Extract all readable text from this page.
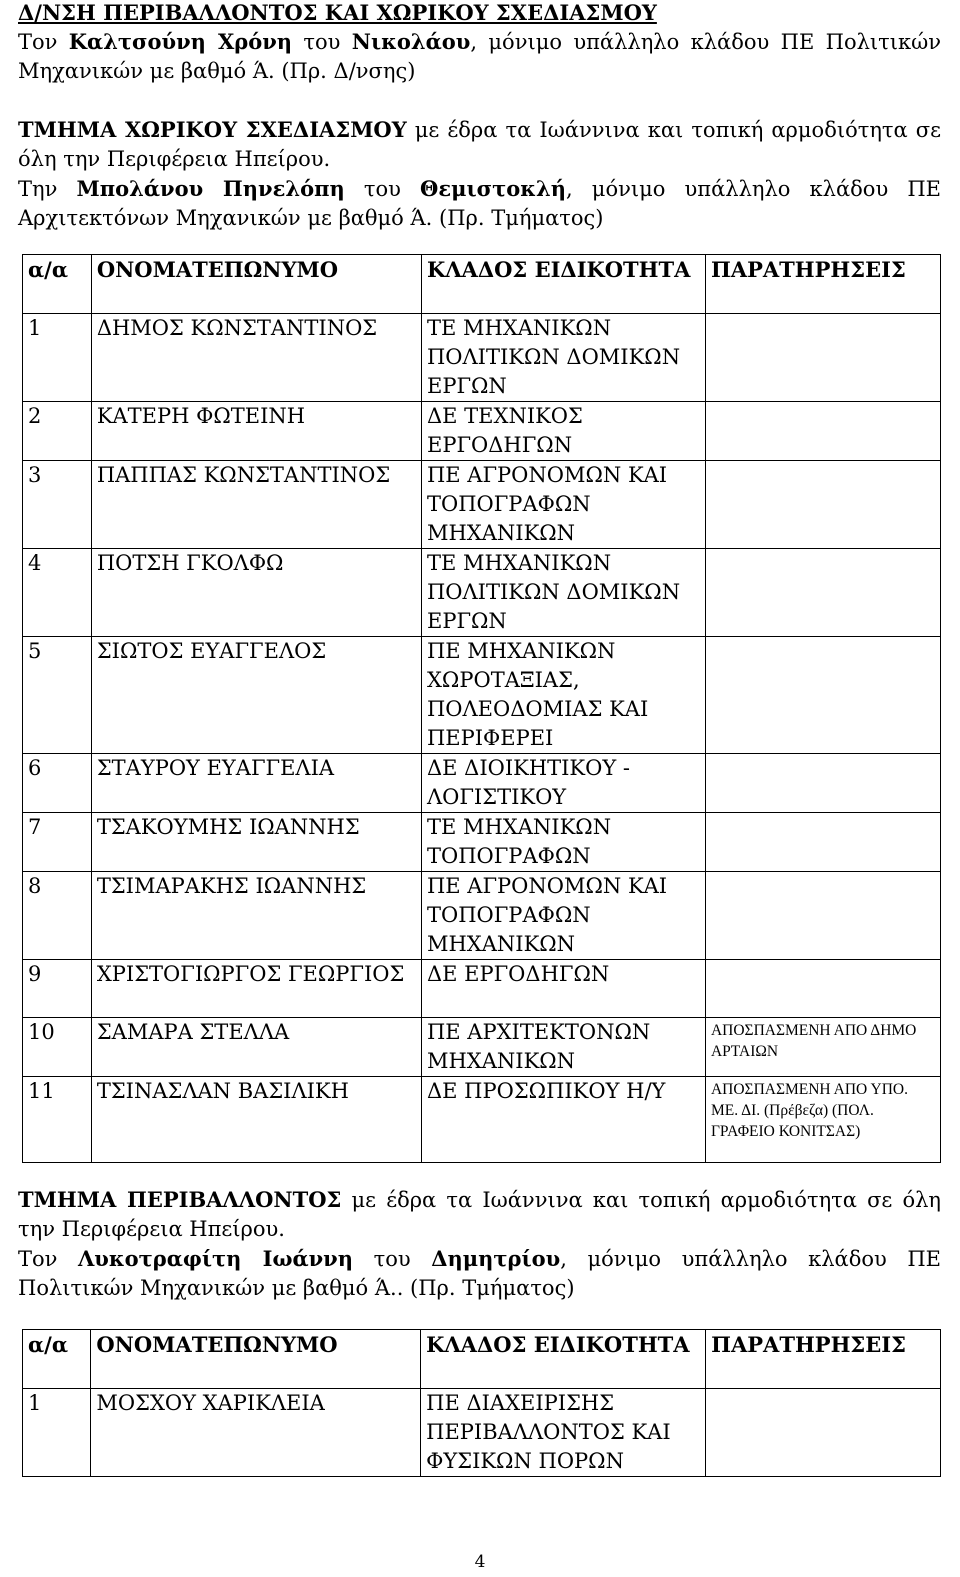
Δ/ΝΣΗ ΠΕΡΙΒΑΛΛΟΝΤΟΣ ΚΑΙ ΧΩΡΙΚΟΥ ΣΧΕΔΙΑΣΜΟΥ

Τον Καλτσούνη Χρόνη του Νικολάου, μόνιμο υπάλληλο κλάδου ΠΕ Πολιτικών Μηχανικών με βαθμό Ά. (Πρ. Δ/νσης)

ΤΜΗΜΑ ΧΩΡΙΚΟΥ ΣΧΕΔΙΑΣΜΟΥ με έδρα τα Ιωάννινα και τοπική αρμοδιότητα σε όλη την Περιφέρεια Ηπείρου.

Την Μπολάνου Πηνελόπη του Θεμιστοκλή, μόνιμο υπάλληλο κλάδου ΠΕ Αρχιτεκτόνων Μηχανικών με βαθμό Ά. (Πρ. Τμήματος)

α/α	ΟΝΟΜΑΤΕΠΩΝΥΜΟ	ΚΛΑΔΟΣ ΕΙΔΙΚΟΤΗΤΑ	ΠΑΡΑΤΗΡΗΣΕΙΣ
1	ΔΗΜΟΣ ΚΩΝΣΤΑΝΤΙΝΟΣ	ΤΕ ΜΗΧΑΝΙΚΩΝ ΠΟΛΙΤΙΚΩΝ ΔΟΜΙΚΩΝ ΕΡΓΩΝ	
2	ΚΑΤΕΡΗ ΦΩΤΕΙΝΗ	ΔΕ ΤΕΧΝΙΚΟΣ ΕΡΓΟΔΗΓΩΝ	
3	ΠΑΠΠΑΣ ΚΩΝΣΤΑΝΤΙΝΟΣ	ΠΕ ΑΓΡΟΝΟΜΩΝ ΚΑΙ ΤΟΠΟΓΡΑΦΩΝ ΜΗΧΑΝΙΚΩΝ	
4	ΠΟΤΣΗ ΓΚΟΛΦΩ	ΤΕ ΜΗΧΑΝΙΚΩΝ ΠΟΛΙΤΙΚΩΝ ΔΟΜΙΚΩΝ ΕΡΓΩΝ	
5	ΣΙΩΤΟΣ ΕΥΑΓΓΕΛΟΣ	ΠΕ ΜΗΧΑΝΙΚΩΝ ΧΩΡΟΤΑΞΙΑΣ, ΠΟΛΕΟΔΟΜΙΑΣ ΚΑΙ ΠΕΡΙΦΕΡΕΙ	
6	ΣΤΑΥΡΟΥ ΕΥΑΓΓΕΛΙΑ	ΔΕ ΔΙΟΙΚΗΤΙΚΟΥ - ΛΟΓΙΣΤΙΚΟΥ	
7	ΤΣΑΚΟΥΜΗΣ ΙΩΑΝΝΗΣ	ΤΕ ΜΗΧΑΝΙΚΩΝ ΤΟΠΟΓΡΑΦΩΝ	
8	ΤΣΙΜΑΡΑΚΗΣ ΙΩΑΝΝΗΣ	ΠΕ ΑΓΡΟΝΟΜΩΝ ΚΑΙ ΤΟΠΟΓΡΑΦΩΝ ΜΗΧΑΝΙΚΩΝ	
9	ΧΡΙΣΤΟΓΙΩΡΓΟΣ ΓΕΩΡΓΙΟΣ	ΔΕ ΕΡΓΟΔΗΓΩΝ	
10	ΣΑΜΑΡΑ ΣΤΕΛΛΑ	ΠΕ ΑΡΧΙΤΕΚΤΟΝΩΝ ΜΗΧΑΝΙΚΩΝ	ΑΠΟΣΠΑΣΜΕΝΗ ΑΠΟ ΔΗΜΟ ΑΡΤΑΙΩΝ
11	ΤΣΙΝΑΣΛΑΝ ΒΑΣΙΛΙΚΗ	ΔΕ ΠΡΟΣΩΠΙΚΟΥ Η/Υ	ΑΠΟΣΠΑΣΜΕΝΗ ΑΠΟ ΥΠΟ. ΜΕ. ΔΙ. (Πρέβεζα) (ΠΟΛ. ΓΡΑΦΕΙΟ ΚΟΝΙΤΣΑΣ)

ΤΜΗΜΑ ΠΕΡΙΒΑΛΛΟΝΤΟΣ με έδρα τα Ιωάννινα και τοπική αρμοδιότητα σε όλη την Περιφέρεια Ηπείρου.

Τον Λυκοτραφίτη Ιωάννη του Δημητρίου, μόνιμο υπάλληλο κλάδου ΠΕ Πολιτικών Μηχανικών με βαθμό Ά.. (Πρ. Τμήματος)

α/α	ΟΝΟΜΑΤΕΠΩΝΥΜΟ	ΚΛΑΔΟΣ ΕΙΔΙΚΟΤΗΤΑ	ΠΑΡΑΤΗΡΗΣΕΙΣ
1	ΜΟΣΧΟΥ ΧΑΡΙΚΛΕΙΑ	ΠΕ ΔΙΑΧΕΙΡΙΣΗΣ ΠΕΡΙΒΑΛΛΟΝΤΟΣ ΚΑΙ ΦΥΣΙΚΩΝ ΠΟΡΩΝ	
4
